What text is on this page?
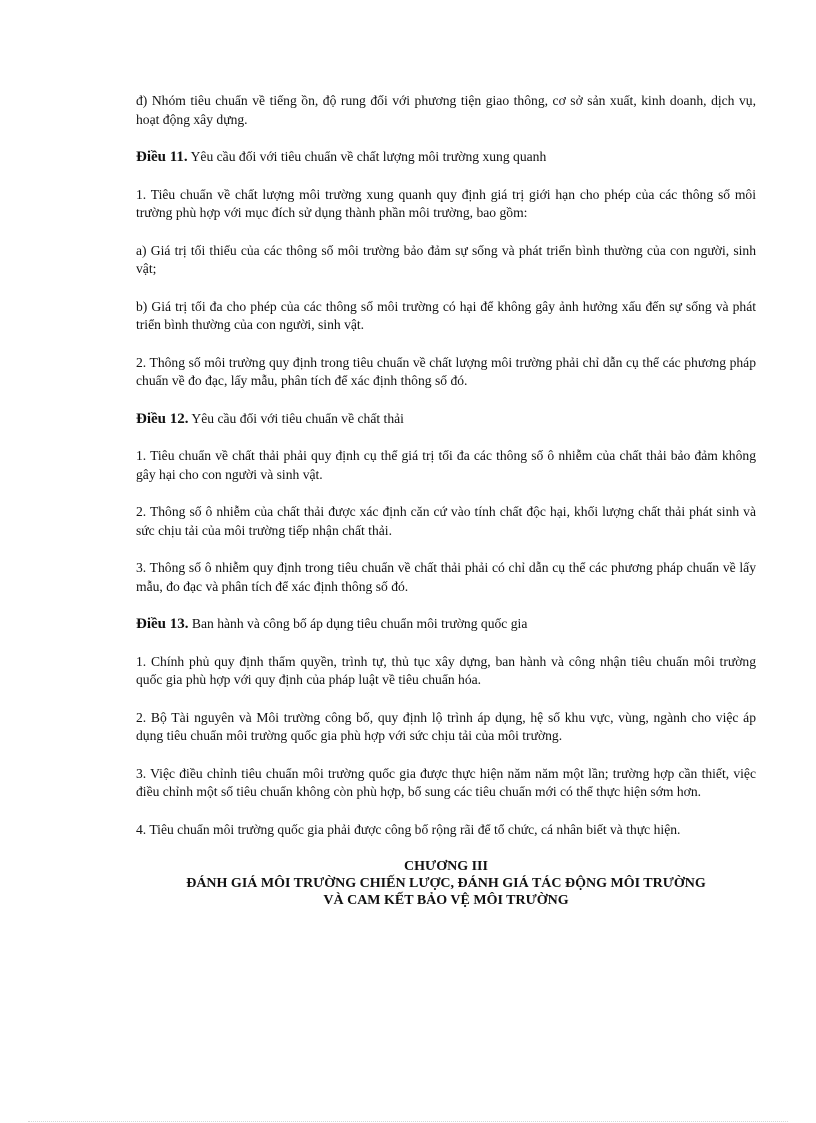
đ) Nhóm tiêu chuẩn về tiếng ồn, độ rung đối với phương tiện giao thông, cơ sở sản xuất, kinh doanh, dịch vụ, hoạt động xây dựng.

Điều 11. Yêu cầu đối với tiêu chuẩn về chất lượng môi trường xung quanh

1. Tiêu chuẩn về chất lượng môi trường xung quanh quy định giá trị giới hạn cho phép của các thông số môi trường phù hợp với mục đích sử dụng thành phần môi trường, bao gồm:

a) Giá trị tối thiểu của các thông số môi trường bảo đảm sự sống và phát triển bình thường của con người, sinh vật;

b) Giá trị tối đa cho phép của các thông số môi trường có hại để không gây ảnh hưởng xấu đến sự sống và phát triển bình thường của con người, sinh vật.

2. Thông số môi trường quy định trong tiêu chuẩn về chất lượng môi trường phải chỉ dẫn cụ thể các phương pháp chuẩn về đo đạc, lấy mẫu, phân tích để xác định thông số đó.

Điều 12. Yêu cầu đối với tiêu chuẩn về chất thải

1. Tiêu chuẩn về chất thải phải quy định cụ thể giá trị tối đa các thông số ô nhiễm của chất thải bảo đảm không gây hại cho con người và sinh vật.

2. Thông số ô nhiễm của chất thải được xác định căn cứ vào tính chất độc hại, khối lượng chất thải phát sinh và sức chịu tải của môi trường tiếp nhận chất thải.

3. Thông số ô nhiễm quy định trong tiêu chuẩn về chất thải phải có chỉ dẫn cụ thể các phương pháp chuẩn về lấy mẫu, đo đạc và phân tích để xác định thông số đó.

Điều 13. Ban hành và công bố áp dụng tiêu chuẩn môi trường quốc gia

1. Chính phủ quy định thẩm quyền, trình tự, thủ tục xây dựng, ban hành và công nhận tiêu chuẩn môi trường quốc gia phù hợp với quy định của pháp luật về tiêu chuẩn hóa.

2. Bộ Tài nguyên và Môi trường công bố, quy định lộ trình áp dụng, hệ số khu vực, vùng, ngành cho việc áp dụng tiêu chuẩn môi trường quốc gia phù hợp với sức chịu tải của môi trường.

3. Việc điều chỉnh tiêu chuẩn môi trường quốc gia được thực hiện năm năm một lần; trường hợp cần thiết, việc điều chỉnh một số tiêu chuẩn không còn phù hợp, bổ sung các tiêu chuẩn mới có thể thực hiện sớm hơn.

4. Tiêu chuẩn môi trường quốc gia phải được công bố rộng rãi để tổ chức, cá nhân biết và thực hiện.

CHƯƠNG III
ĐÁNH GIÁ MÔI TRƯỜNG CHIẾN LƯỢC, ĐÁNH GIÁ TÁC ĐỘNG MÔI TRƯỜNG
VÀ CAM KẾT BẢO VỆ MÔI TRƯỜNG
